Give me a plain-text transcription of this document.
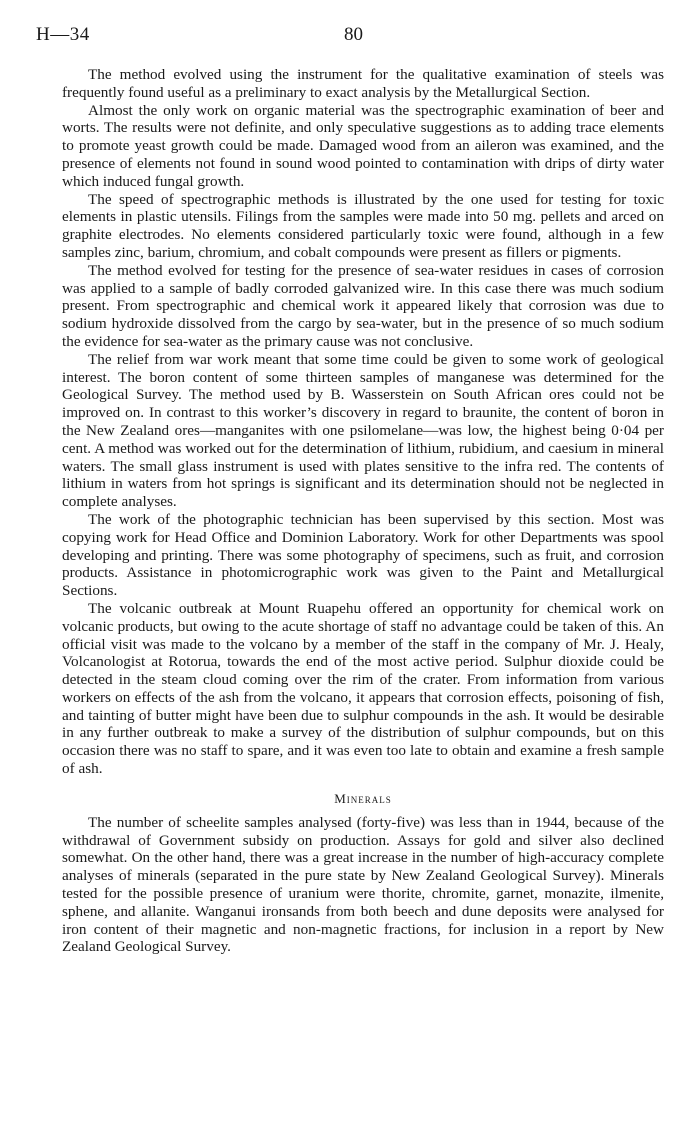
H—34	80

The method evolved using the instrument for the qualitative examination of steels was frequently found useful as a preliminary to exact analysis by the Metallurgical Section.

Almost the only work on organic material was the spectrographic examination of beer and worts. The results were not definite, and only speculative suggestions as to adding trace elements to promote yeast growth could be made. Damaged wood from an aileron was examined, and the presence of elements not found in sound wood pointed to contamination with drips of dirty water which induced fungal growth.

The speed of spectrographic methods is illustrated by the one used for testing for toxic elements in plastic utensils. Filings from the samples were made into 50 mg. pellets and arced on graphite electrodes. No elements considered particularly toxic were found, although in a few samples zinc, barium, chromium, and cobalt compounds were present as fillers or pigments.

The method evolved for testing for the presence of sea-water residues in cases of corrosion was applied to a sample of badly corroded galvanized wire. In this case there was much sodium present. From spectrographic and chemical work it appeared likely that corrosion was due to sodium hydroxide dissolved from the cargo by sea-water, but in the presence of so much sodium the evidence for sea-water as the primary cause was not conclusive.

The relief from war work meant that some time could be given to some work of geological interest. The boron content of some thirteen samples of manganese was determined for the Geological Survey. The method used by B. Wasserstein on South African ores could not be improved on. In contrast to this worker’s discovery in regard to braunite, the content of boron in the New Zealand ores—manganites with one psilomelane—was low, the highest being 0·04 per cent. A method was worked out for the determination of lithium, rubidium, and caesium in mineral waters. The small glass instrument is used with plates sensitive to the infra red. The contents of lithium in waters from hot springs is significant and its determination should not be neglected in complete analyses.

The work of the photographic technician has been supervised by this section. Most was copying work for Head Office and Dominion Laboratory. Work for other Departments was spool developing and printing. There was some photography of specimens, such as fruit, and corrosion products. Assistance in photomicrographic work was given to the Paint and Metallurgical Sections.

The volcanic outbreak at Mount Ruapehu offered an opportunity for chemical work on volcanic products, but owing to the acute shortage of staff no advantage could be taken of this. An official visit was made to the volcano by a member of the staff in the company of Mr. J. Healy, Volcanologist at Rotorua, towards the end of the most active period. Sulphur dioxide could be detected in the steam cloud coming over the rim of the crater. From information from various workers on effects of the ash from the volcano, it appears that corrosion effects, poisoning of fish, and tainting of butter might have been due to sulphur compounds in the ash. It would be desirable in any further outbreak to make a survey of the distribution of sulphur compounds, but on this occasion there was no staff to spare, and it was even too late to obtain and examine a fresh sample of ash.

Minerals

The number of scheelite samples analysed (forty-five) was less than in 1944, because of the withdrawal of Government subsidy on production. Assays for gold and silver also declined somewhat. On the other hand, there was a great increase in the number of high-accuracy complete analyses of minerals (separated in the pure state by New Zealand Geological Survey). Minerals tested for the possible presence of uranium were thorite, chromite, garnet, monazite, ilmenite, sphene, and allanite. Wanganui ironsands from both beech and dune deposits were analysed for iron content of their magnetic and non-magnetic fractions, for inclusion in a report by New Zealand Geological Survey.
